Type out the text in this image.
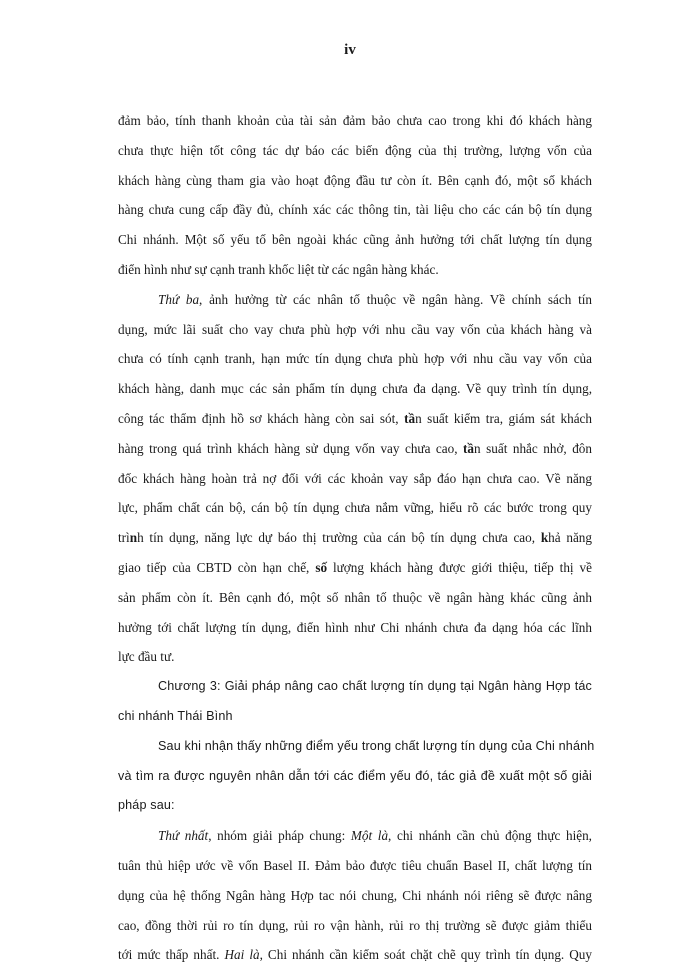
iv
đảm bảo, tính thanh khoản của tài sản đảm bảo chưa cao trong khi đó khách hàng
chưa thực hiện tốt công tác dự báo các biến động của thị trường, lượng vốn của
khách hàng cùng tham gia vào hoạt động đầu tư còn ít. Bên cạnh đó, một số khách
hàng chưa cung cấp đầy đủ, chính xác các thông tin, tài liệu cho các cán bộ tín dụng
Chi nhánh. Một số yếu tố bên ngoài khác cũng ảnh hưởng tới chất lượng tín dụng
điển hình như sự cạnh tranh khốc liệt từ các ngân hàng khác.
Thứ ba, ảnh hưởng từ các nhân tố thuộc về ngân hàng. Về chính sách tín
dụng, mức lãi suất cho vay chưa phù hợp với nhu cầu vay vốn của khách hàng và
chưa có tính cạnh tranh, hạn mức tín dụng chưa phù hợp với nhu cầu vay vốn của
khách hàng, danh mục các sản phẩm tín dụng chưa đa dạng. Về quy trình tín dụng,
công tác thẩm định hồ sơ khách hàng còn sai sót, tần suất kiểm tra, giám sát khách
hàng trong quá trình khách hàng sử dụng vốn vay chưa cao, tần suất nhắc nhở, đôn
đốc khách hàng hoàn trả nợ đối với các khoản vay sắp đáo hạn chưa cao. Về năng
lực, phẩm chất cán bộ, cán bộ tín dụng chưa nắm vững, hiểu rõ các bước trong quy
trình tín dụng, năng lực dự báo thị trường của cán bộ tín dụng chưa cao, khả năng
giao tiếp của CBTD còn hạn chế, số lượng khách hàng được giới thiệu, tiếp thị về
sản phẩm còn ít. Bên cạnh đó, một số nhân tố thuộc về ngân hàng khác cũng ảnh
hưởng tới chất lượng tín dụng, điển hình như Chi nhánh chưa đa dạng hóa các lĩnh
lực đầu tư.
Chương 3: Giải pháp nâng cao chất lượng tín dụng tại Ngân hàng Hợp tác
chi nhánh Thái Bình
Sau khi nhận thấy những điểm yếu trong chất lượng tín dụng của Chi nhánh
và tìm ra được nguyên nhân dẫn tới các điểm yếu đó, tác giả đề xuất một số giải
pháp sau:
Thứ nhất, nhóm giải pháp chung: Một là, chi nhánh cần chủ động thực hiện,
tuân thủ hiệp ước về vốn Basel II. Đảm bảo được tiêu chuẩn Basel II, chất lượng tín
dụng của hệ thống Ngân hàng Hợp tac nói chung, Chi nhánh nói riêng sẽ được nâng
cao, đồng thời rủi ro tín dụng, rủi ro vận hành, rủi ro thị trường sẽ được giảm thiểu
tới mức thấp nhất. Hai là, Chi nhánh cần kiểm soát chặt chẽ quy trình tín dụng. Quy
